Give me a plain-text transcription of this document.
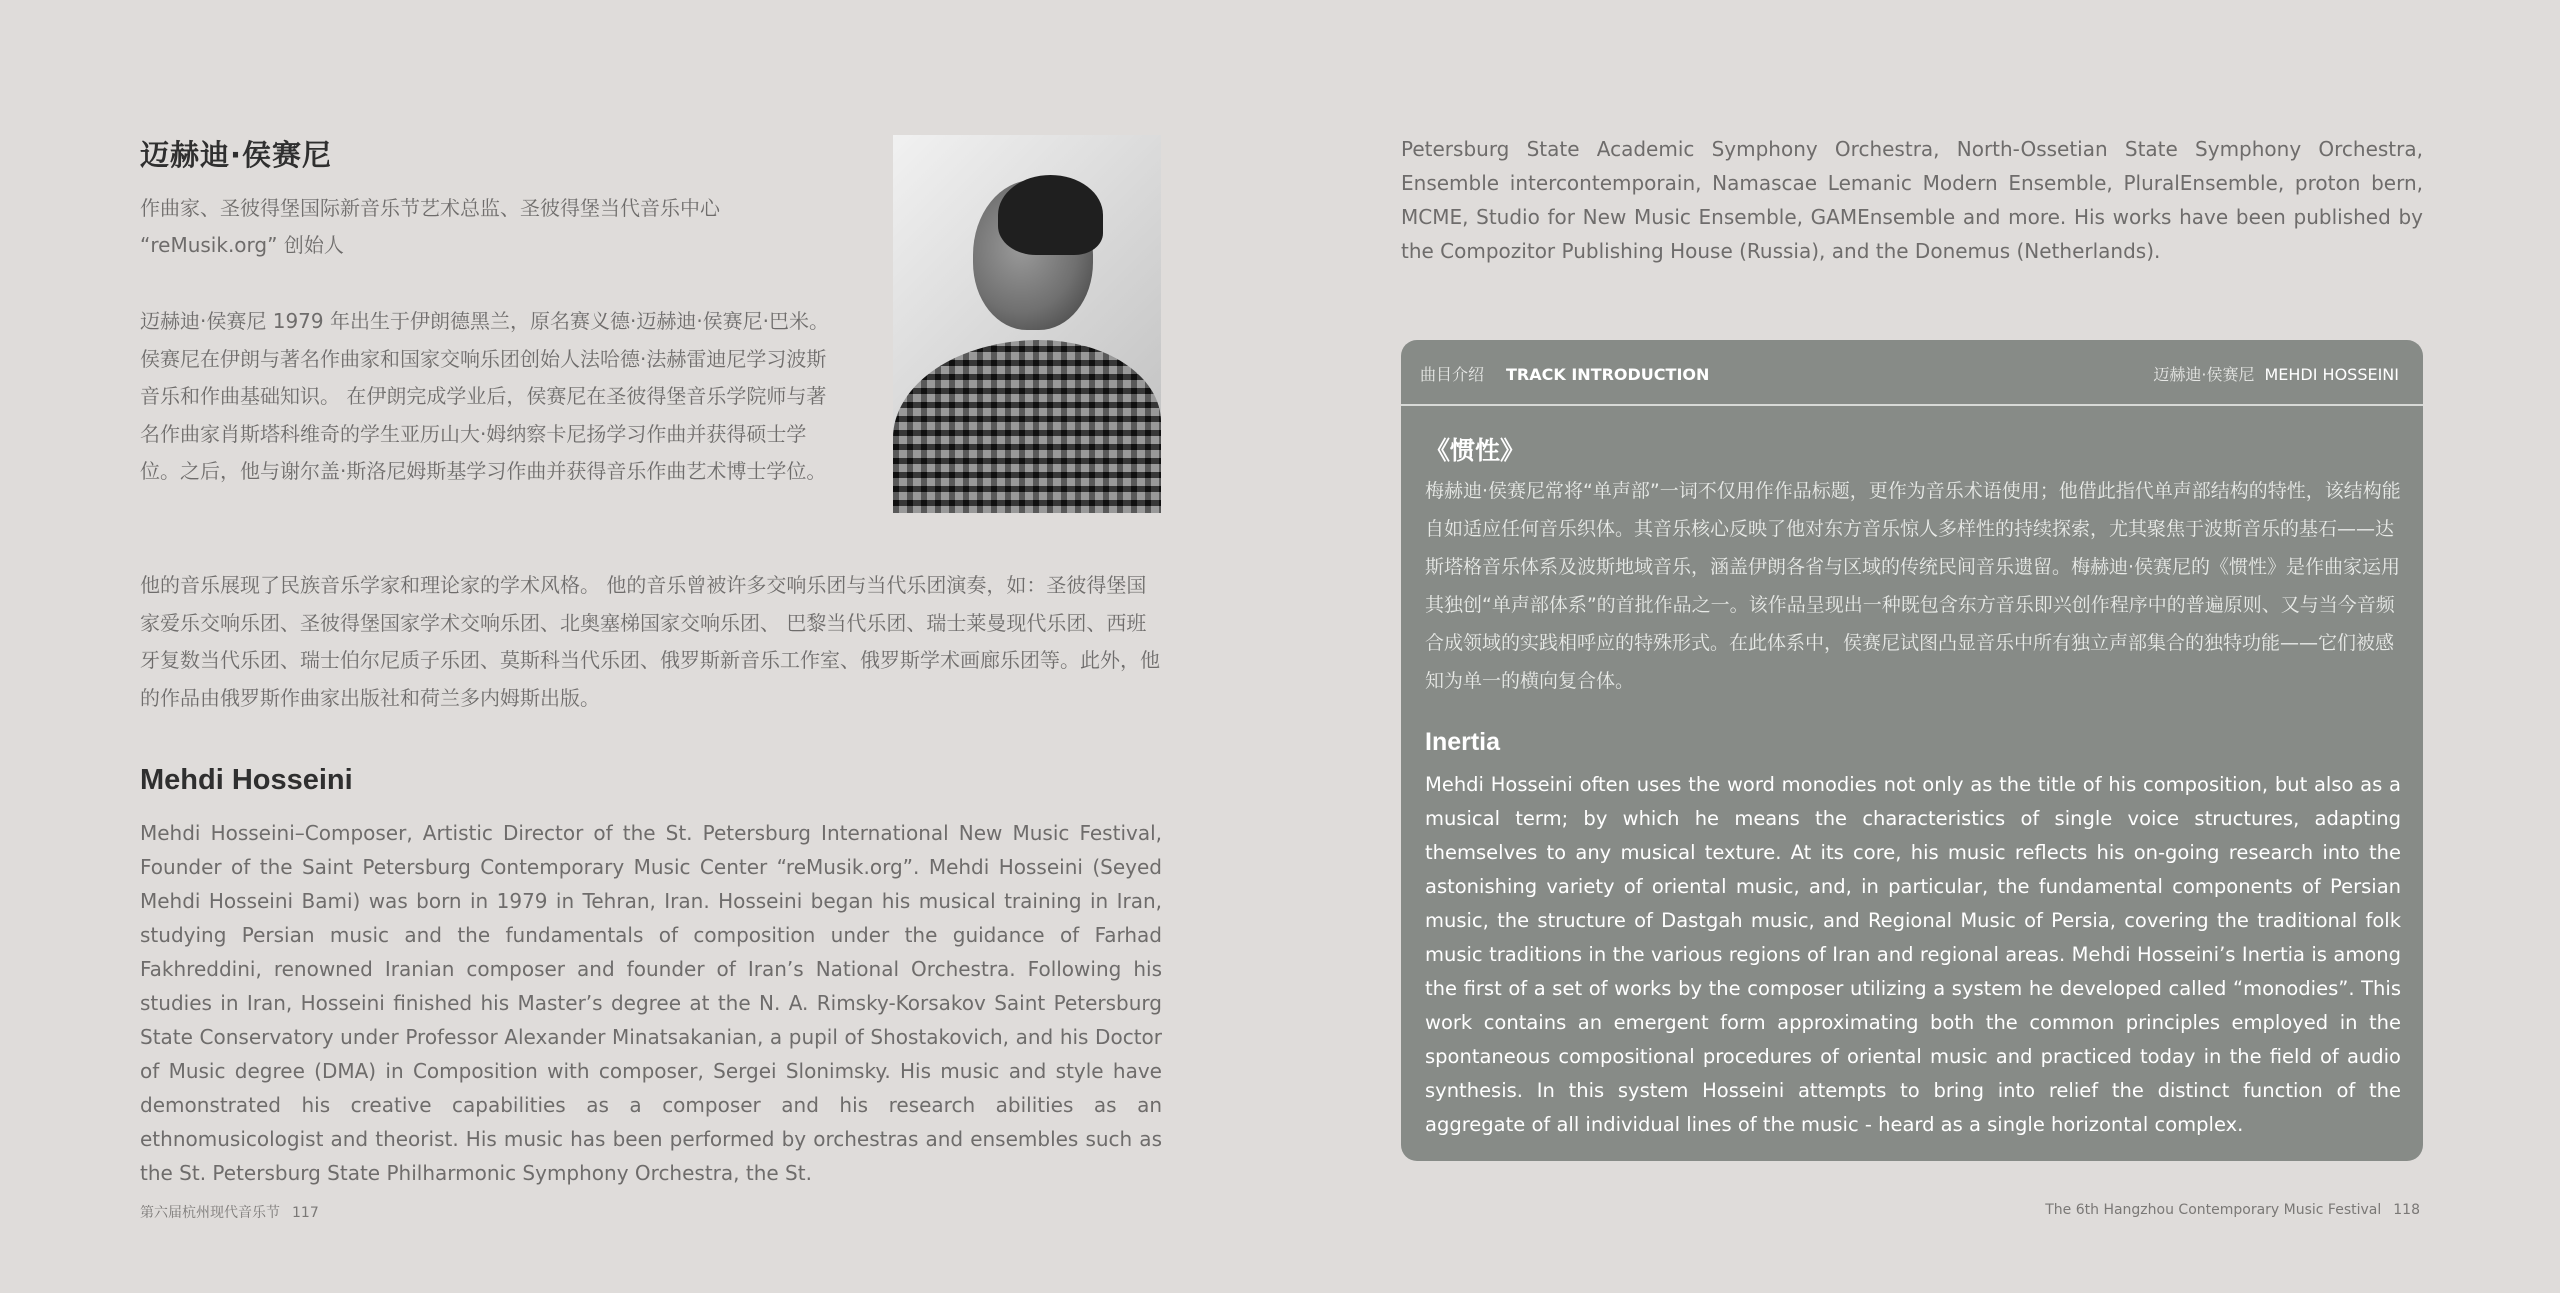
迈赫迪·侯赛尼

作曲家、圣彼得堡国际新音乐节艺术总监、圣彼得堡当代音乐中心 “reMusik.org” 创始人

迈赫迪·侯赛尼 1979 年出生于伊朗德黑兰，原名赛义德·迈赫迪·侯赛尼·巴米。侯赛尼在伊朗与著名作曲家和国家交响乐团创始人法哈德·法赫雷迪尼学习波斯音乐和作曲基础知识。 在伊朗完成学业后，侯赛尼在圣彼得堡音乐学院师与著名作曲家肖斯塔科维奇的学生亚历山大·姆纳察卡尼扬学习作曲并获得硕士学位。之后，他与谢尔盖·斯洛尼姆斯基学习作曲并获得音乐作曲艺术博士学位。

他的音乐展现了民族音乐学家和理论家的学术风格。 他的音乐曾被许多交响乐团与当代乐团演奏，如：圣彼得堡国家爱乐交响乐团、圣彼得堡国家学术交响乐团、北奥塞梯国家交响乐团、 巴黎当代乐团、瑞士莱曼现代乐团、西班牙复数当代乐团、瑞士伯尔尼质子乐团、莫斯科当代乐团、俄罗斯新音乐工作室、俄罗斯学术画廊乐团等。此外，他的作品由俄罗斯作曲家出版社和荷兰多内姆斯出版。

Mehdi Hosseini

Mehdi Hosseini–Composer, Artistic Director of the St. Petersburg International New Music Festival, Founder of the Saint Petersburg Contemporary Music Center “reMusik.org”. Mehdi Hosseini (Seyed Mehdi Hosseini Bami) was born in 1979 in Tehran, Iran. Hosseini began his musical training in Iran, studying Persian music and the fundamentals of composition under the guidance of Farhad Fakhreddini, renowned Iranian composer and founder of Iran’s National Orchestra. Following his studies in Iran, Hosseini finished his Master’s degree at the N. A. Rimsky-Korsakov Saint Petersburg State Conservatory under Professor Alexander Minatsakanian, a pupil of Shostakovich, and his Doctor of Music degree (DMA) in Composition with composer, Sergei Slonimsky. His music and style have demonstrated his creative capabilities as a composer and his research abilities as an ethnomusicologist and theorist. His music has been performed by orchestras and ensembles such as the St. Petersburg State Philharmonic Symphony Orchestra, the St.

第六届杭州现代音乐节 117

Petersburg State Academic Symphony Orchestra, North-Ossetian State Symphony Orchestra, Ensemble intercontemporain, Namascae Lemanic Modern Ensemble, PluralEnsemble, proton bern, MCME, Studio for New Music Ensemble, GAMEnsemble and more. His works have been published by the Compozitor Publishing House (Russia), and the Donemus (Netherlands).

曲目介绍 TRACK INTRODUCTION	迈赫迪·侯赛尼 MEHDI HOSSEINI
《惯性》

梅赫迪·侯赛尼常将“单声部”一词不仅用作作品标题，更作为音乐术语使用；他借此指代单声部结构的特性，该结构能自如适应任何音乐织体。其音乐核心反映了他对东方音乐惊人多样性的持续探索，尤其聚焦于波斯音乐的基石——达斯塔格音乐体系及波斯地域音乐，涵盖伊朗各省与区域的传统民间音乐遗留。梅赫迪·侯赛尼的《惯性》是作曲家运用其独创“单声部体系”的首批作品之一。该作品呈现出一种既包含东方音乐即兴创作程序中的普遍原则、又与当今音频合成领域的实践相呼应的特殊形式。在此体系中，侯赛尼试图凸显音乐中所有独立声部集合的独特功能——它们被感知为单一的横向复合体。

Inertia

Mehdi Hosseini often uses the word monodies not only as the title of his composition, but also as a musical term; by which he means the characteristics of single voice structures, adapting themselves to any musical texture. At its core, his music reflects his on-going research into the astonishing variety of oriental music, and, in particular, the fundamental components of Persian music, the structure of Dastgah music, and Regional Music of Persia, covering the traditional folk music traditions in the various regions of Iran and regional areas. Mehdi Hosseini’s Inertia is among the first of a set of works by the composer utilizing a system he developed called “monodies”. This work contains an emergent form approximating both the common principles employed in the spontaneous compositional procedures of oriental music and practiced today in the field of audio synthesis. In this system Hosseini attempts to bring into relief the distinct function of the aggregate of all individual lines of the music - heard as a single horizontal complex.

The 6th Hangzhou Contemporary Music Festival 118
